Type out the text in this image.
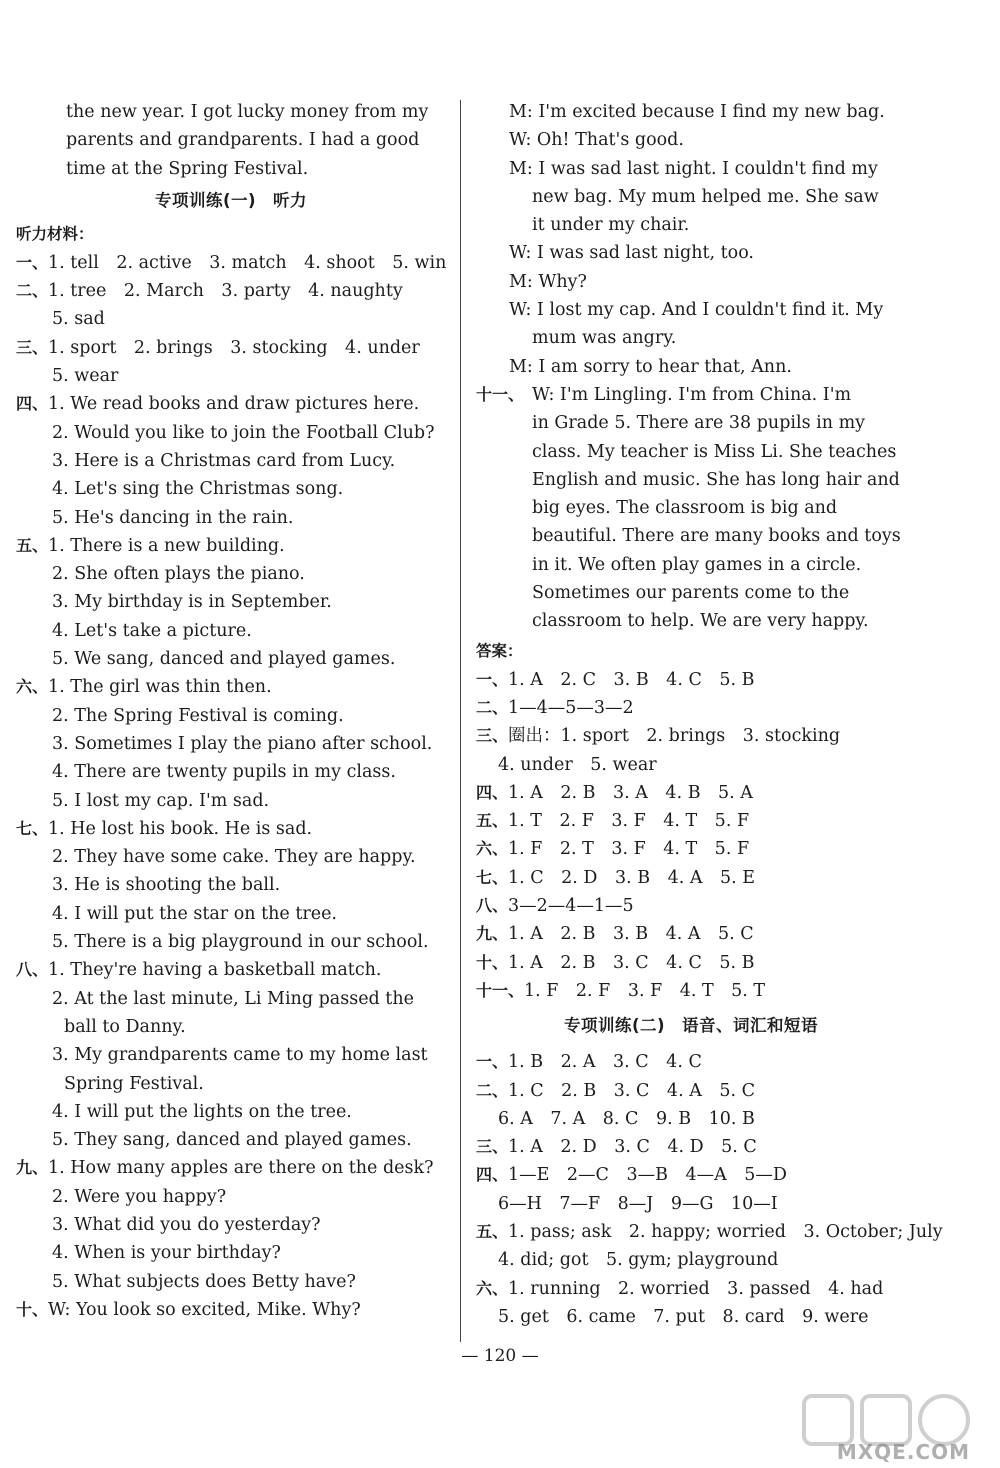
the new year. I got lucky money from my
parents and grandparents. I had a good
time at the Spring Festival.
专项训练(一)　听力
听力材料：
一、1. tell　2. active　3. match　4. shoot　5. win
二、1. tree　2. March　3. party　4. naughty
5. sad
三、1. sport　2. brings　3. stocking　4. under
5. wear
四、1. We read books and draw pictures here.
2. Would you like to join the Football Club?
3. Here is a Christmas card from Lucy.
4. Let's sing the Christmas song.
5. He's dancing in the rain.
五、1. There is a new building.
2. She often plays the piano.
3. My birthday is in September.
4. Let's take a picture.
5. We sang, danced and played games.
六、1. The girl was thin then.
2. The Spring Festival is coming.
3. Sometimes I play the piano after school.
4. There are twenty pupils in my class.
5. I lost my cap. I'm sad.
七、1. He lost his book. He is sad.
2. They have some cake. They are happy.
3. He is shooting the ball.
4. I will put the star on the tree.
5. There is a big playground in our school.
八、1. They're having a basketball match.
2. At the last minute, Li Ming passed the
ball to Danny.
3. My grandparents came to my home last
Spring Festival.
4. I will put the lights on the tree.
5. They sang, danced and played games.
九、1. How many apples are there on the desk?
2. Were you happy?
3. What did you do yesterday?
4. When is your birthday?
5. What subjects does Betty have?
十、W: You look so excited, Mike. Why?
M: I'm excited because I find my new bag.
W: Oh! That's good.
M: I was sad last night. I couldn't find my
new bag. My mum helped me. She saw
it under my chair.
W: I was sad last night, too.
M: Why?
W: I lost my cap. And I couldn't find it. My
mum was angry.
M: I am sorry to hear that, Ann.
十一、 W: I'm Lingling. I'm from China. I'm
in Grade 5. There are 38 pupils in my
class. My teacher is Miss Li. She teaches
English and music. She has long hair and
big eyes. The classroom is big and
beautiful. There are many books and toys
in it. We often play games in a circle.
Sometimes our parents come to the
classroom to help. We are very happy.
答案：
一、1. A　2. C　3. B　4. C　5. B
二、1—4—5—3—2
三、圈出：1. sport　2. brings　3. stocking
4. under　5. wear
四、1. A　2. B　3. A　4. B　5. A
五、1. T　2. F　3. F　4. T　5. F
六、1. F　2. T　3. F　4. T　5. F
七、1. C　2. D　3. B　4. A　5. E
八、3—2—4—1—5
九、1. A　2. B　3. B　4. A　5. C
十、1. A　2. B　3. C　4. C　5. B
十一、1. F　2. F　3. F　4. T　5. T
专项训练(二)　语音、词汇和短语
一、1. B　2. A　3. C　4. C
二、1. C　2. B　3. C　4. A　5. C
6. A　7. A　8. C　9. B　10. B
三、1. A　2. D　3. C　4. D　5. C
四、1—E　2—C　3—B　4—A　5—D
6—H　7—F　8—J　9—G　10—I
五、1. pass; ask　2. happy; worried　3. October; July
4. did; got　5. gym; playground
六、1. running　2. worried　3. passed　4. had
5. get　6. came　7. put　8. card　9. were
— 120 —
MXQE.COM
